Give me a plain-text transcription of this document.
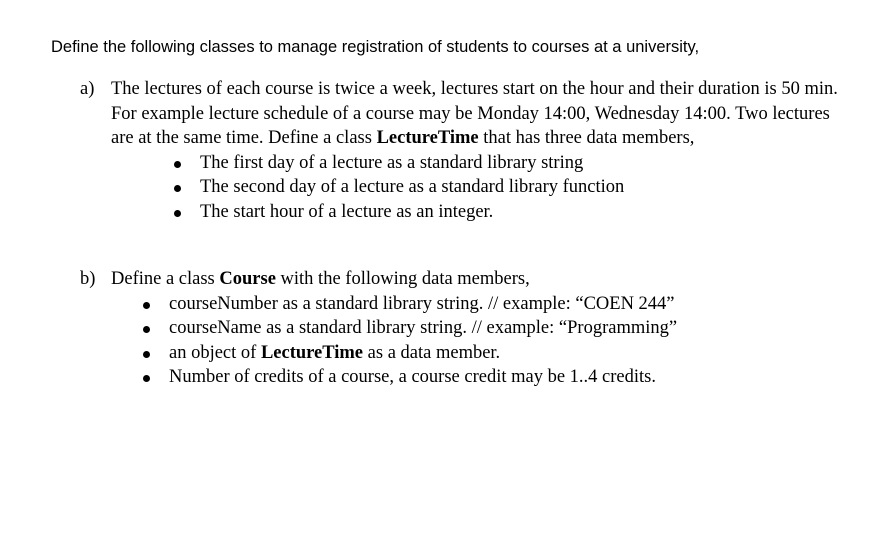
Define the following classes to manage registration of students to courses at a university,
a) The lectures of each course is twice a week, lectures start on the hour and their duration is 50 min. For example lecture schedule of a course may be Monday 14:00, Wednesday 14:00. Two lectures are at the same time. Define a class LectureTime that has three data members,
The first day of a lecture as a standard library string
The second day of a lecture as a standard library function
The start hour of a lecture as an integer.
b) Define a class Course with the following data members,
courseNumber as a standard library string. // example: “COEN 244”
courseName as a standard library string. // example: “Programming”
an object of LectureTime as a data member.
Number of credits of a course, a course credit may be 1..4 credits.
